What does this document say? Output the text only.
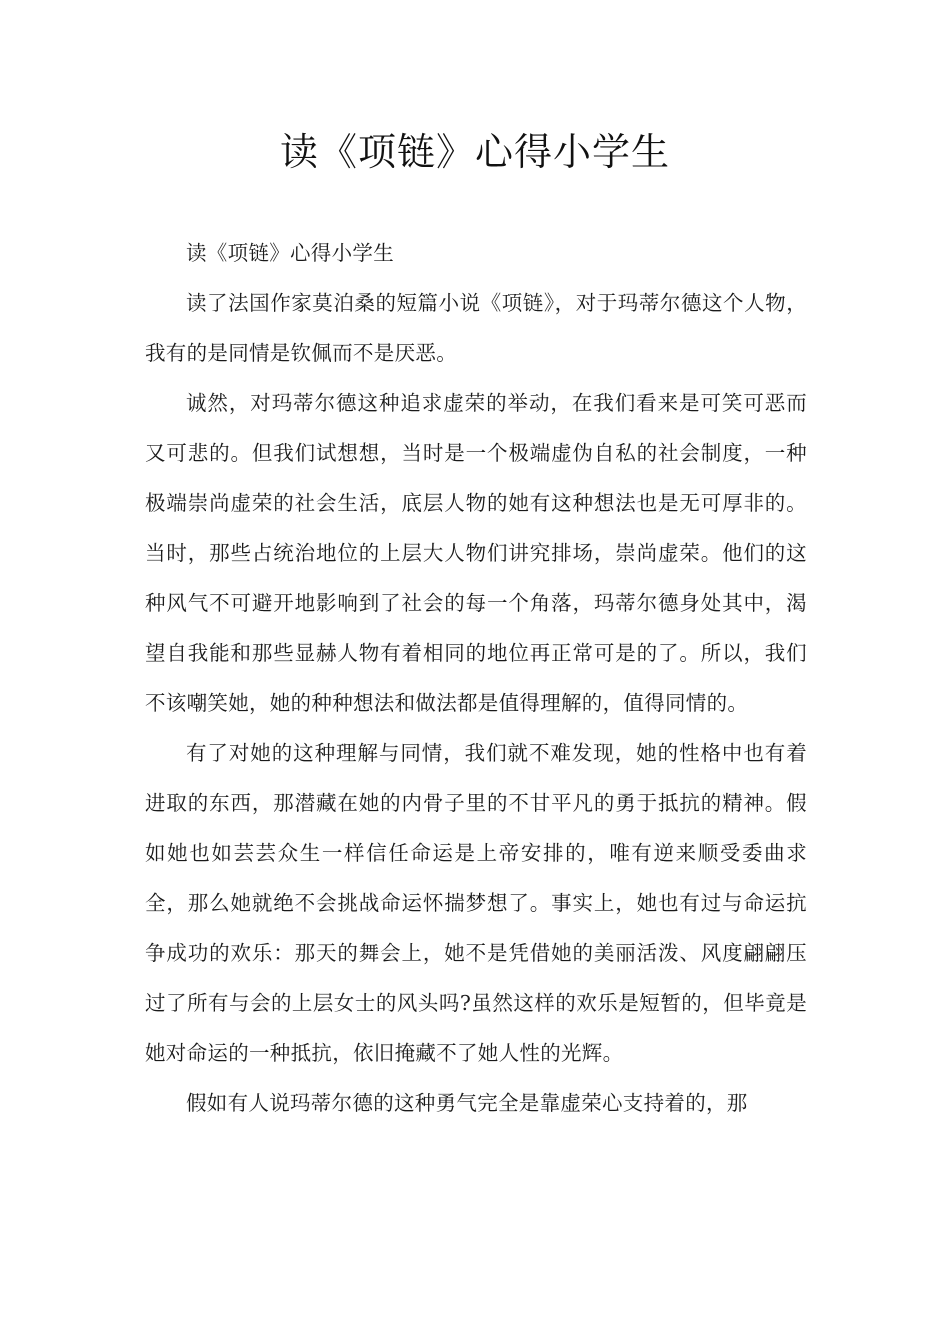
读《项链》心得小学生

读《项链》心得小学生

读了法国作家莫泊桑的短篇小说《项链》，对于玛蒂尔德这个人物，我有的是同情是钦佩而不是厌恶。

诚然，对玛蒂尔德这种追求虚荣的举动，在我们看来是可笑可恶而又可悲的。但我们试想想，当时是一个极端虚伪自私的社会制度，一种极端崇尚虚荣的社会生活，底层人物的她有这种想法也是无可厚非的。当时，那些占统治地位的上层大人物们讲究排场，崇尚虚荣。他们的这种风气不可避开地影响到了社会的每一个角落，玛蒂尔德身处其中，渴望自我能和那些显赫人物有着相同的地位再正常可是的了。所以，我们不该嘲笑她，她的种种想法和做法都是值得理解的，值得同情的。

有了对她的这种理解与同情，我们就不难发现，她的性格中也有着进取的东西，那潜藏在她的内骨子里的不甘平凡的勇于抵抗的精神。假如她也如芸芸众生一样信任命运是上帝安排的，唯有逆来顺受委曲求全，那么她就绝不会挑战命运怀揣梦想了。事实上，她也有过与命运抗争成功的欢乐：那天的舞会上，她不是凭借她的美丽活泼、风度翩翩压过了所有与会的上层女士的风头吗?虽然这样的欢乐是短暂的，但毕竟是她对命运的一种抵抗，依旧掩藏不了她人性的光辉。

假如有人说玛蒂尔德的这种勇气完全是靠虚荣心支持着的，那
